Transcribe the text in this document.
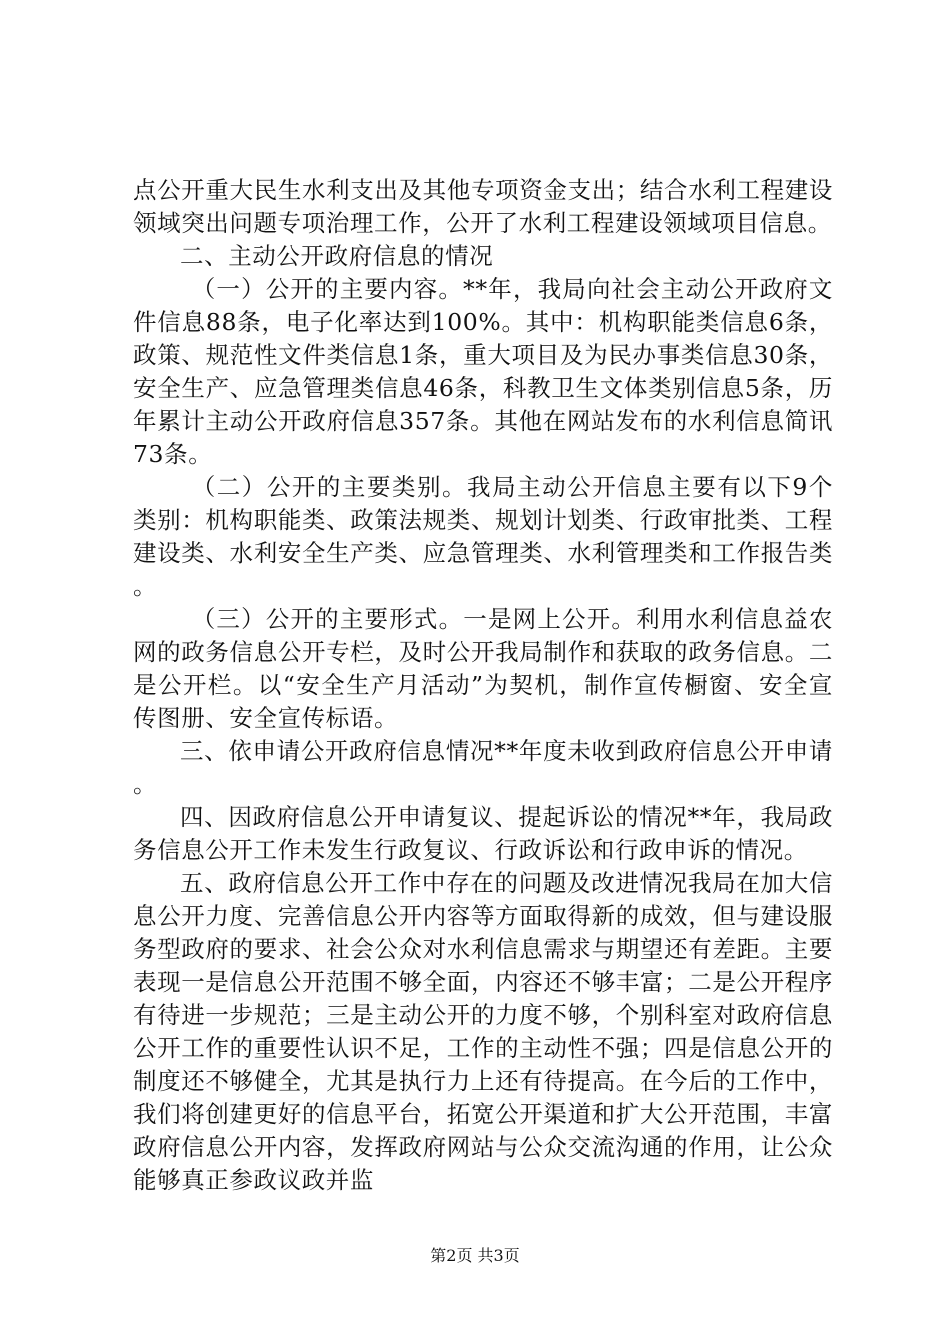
点公开重大民生水利支出及其他专项资金支出；结合水利工程建设领域突出问题专项治理工作，公开了水利工程建设领域项目信息。

二、主动公开政府信息的情况

（一）公开的主要内容。**年，我局向社会主动公开政府文件信息88条，电子化率达到100%。其中：机构职能类信息6条，政策、规范性文件类信息1条，重大项目及为民办事类信息30条，安全生产、应急管理类信息46条，科教卫生文体类别信息5条，历年累计主动公开政府信息357条。其他在网站发布的水利信息简讯73条。

（二）公开的主要类别。我局主动公开信息主要有以下9个类别：机构职能类、政策法规类、规划计划类、行政审批类、工程建设类、水利安全生产类、应急管理类、水利管理类和工作报告类。

（三）公开的主要形式。一是网上公开。利用水利信息益农网的政务信息公开专栏，及时公开我局制作和获取的政务信息。二是公开栏。以“安全生产月活动”为契机，制作宣传橱窗、安全宣传图册、安全宣传标语。

三、依申请公开政府信息情况**年度未收到政府信息公开申请。

四、因政府信息公开申请复议、提起诉讼的情况**年，我局政务信息公开工作未发生行政复议、行政诉讼和行政申诉的情况。

五、政府信息公开工作中存在的问题及改进情况我局在加大信息公开力度、完善信息公开内容等方面取得新的成效，但与建设服务型政府的要求、社会公众对水利信息需求与期望还有差距。主要表现一是信息公开范围不够全面，内容还不够丰富；二是公开程序有待进一步规范；三是主动公开的力度不够，个别科室对政府信息公开工作的重要性认识不足，工作的主动性不强；四是信息公开的制度还不够健全，尤其是执行力上还有待提高。在今后的工作中，我们将创建更好的信息平台，拓宽公开渠道和扩大公开范围，丰富政府信息公开内容，发挥政府网站与公众交流沟通的作用，让公众能够真正参政议政并监

第2页 共3页
